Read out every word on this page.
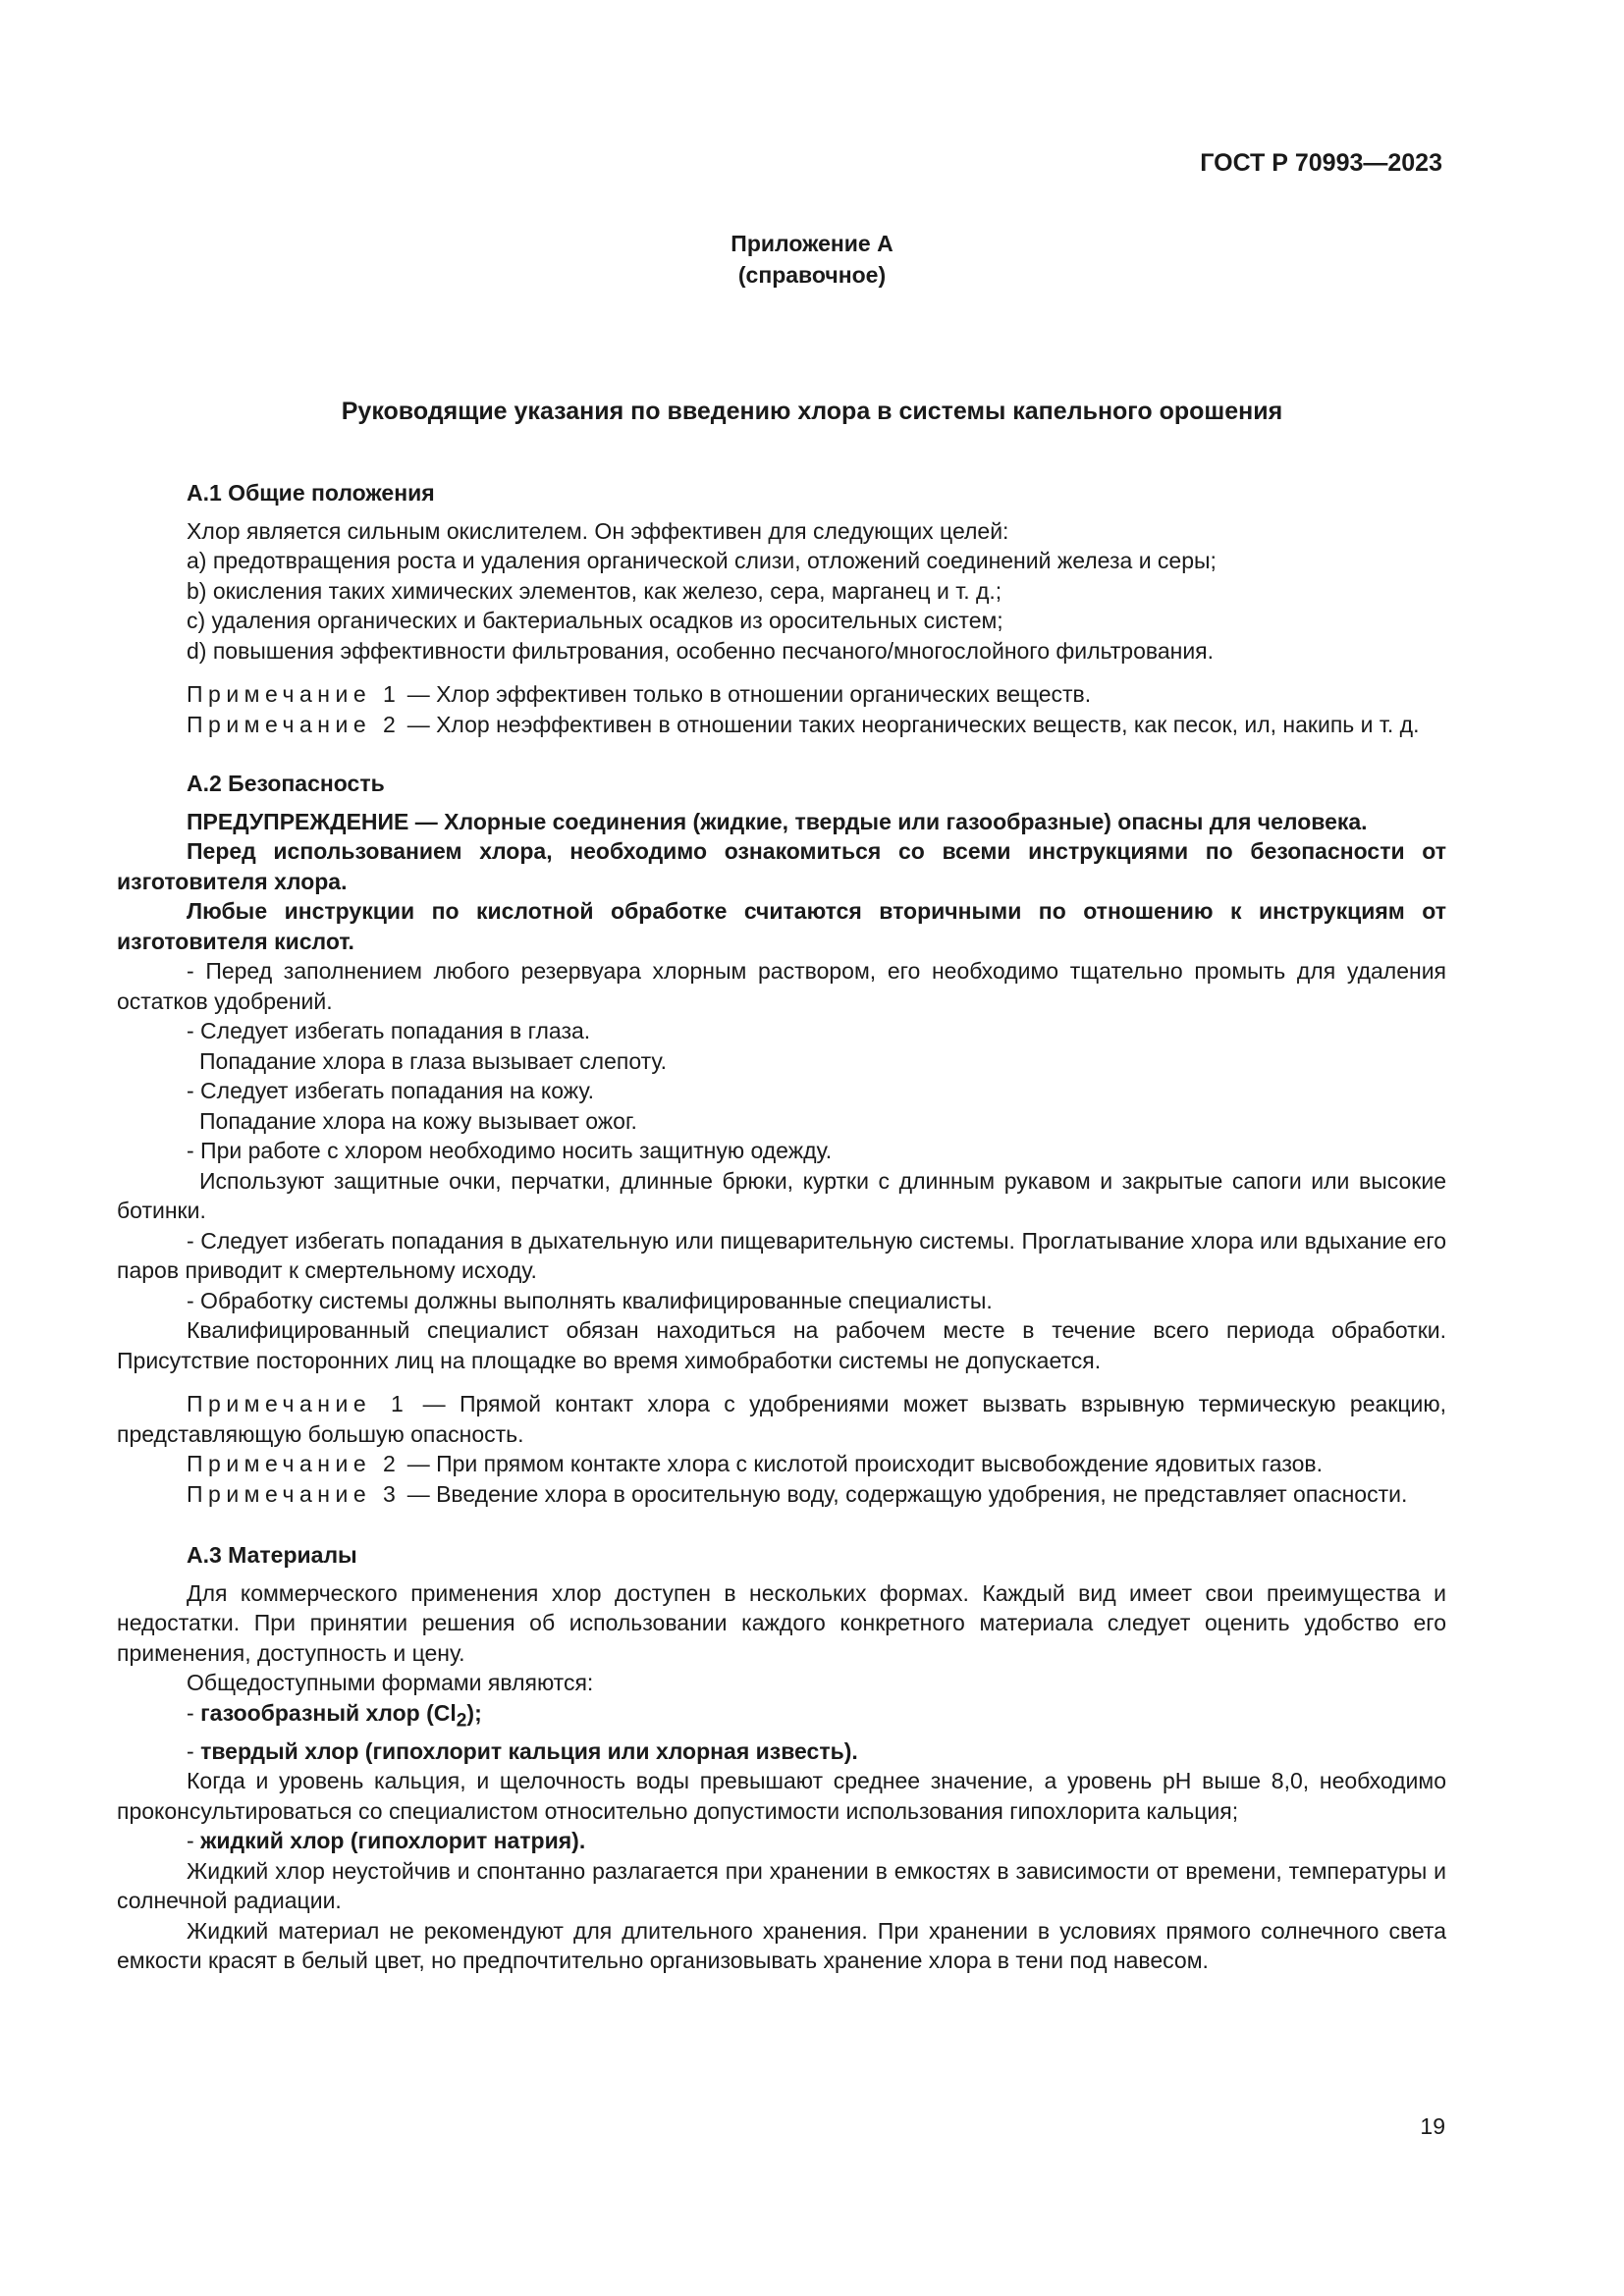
ГОСТ Р 70993—2023
Приложение А
(справочное)
Руководящие указания по введению хлора в системы капельного орошения

А.1 Общие положения

Хлор является сильным окислителем. Он эффективен для следующих целей:

a) предотвращения роста и удаления органической слизи, отложений соединений железа и серы;

b) окисления таких химических элементов, как железо, сера, марганец и т. д.;

c) удаления органических и бактериальных осадков из оросительных систем;

d) повышения эффективности фильтрования, особенно песчаного/многослойного фильтрования.

Примечание 1 — Хлор эффективен только в отношении органических веществ.

Примечание 2 — Хлор неэффективен в отношении таких неорганических веществ, как песок, ил, накипь и т. д.

А.2 Безопасность

ПРЕДУПРЕЖДЕНИЕ — Хлорные соединения (жидкие, твердые или газообразные) опасны для человека.

Перед использованием хлора, необходимо ознакомиться со всеми инструкциями по безопасности от изготовителя хлора.

Любые инструкции по кислотной обработке считаются вторичными по отношению к инструкциям от изготовителя кислот.

- Перед заполнением любого резервуара хлорным раствором, его необходимо тщательно промыть для удаления остатков удобрений.

- Следует избегать попадания в глаза.

Попадание хлора в глаза вызывает слепоту.

- Следует избегать попадания на кожу.

Попадание хлора на кожу вызывает ожог.

- При работе с хлором необходимо носить защитную одежду.

Используют защитные очки, перчатки, длинные брюки, куртки с длинным рукавом и закрытые сапоги или высокие ботинки.

- Следует избегать попадания в дыхательную или пищеварительную системы. Проглатывание хлора или вдыхание его паров приводит к смертельному исходу.

- Обработку системы должны выполнять квалифицированные специалисты.

Квалифицированный специалист обязан находиться на рабочем месте в течение всего периода обработки. Присутствие посторонних лиц на площадке во время химобработки системы не допускается.

Примечание 1 — Прямой контакт хлора с удобрениями может вызвать взрывную термическую реакцию, представляющую большую опасность.

Примечание 2 — При прямом контакте хлора с кислотой происходит высвобождение ядовитых газов.

Примечание 3 — Введение хлора в оросительную воду, содержащую удобрения, не представляет опасности.

А.3 Материалы

Для коммерческого применения хлор доступен в нескольких формах. Каждый вид имеет свои преимущества и недостатки. При принятии решения об использовании каждого конкретного материала следует оценить удобство его применения, доступность и цену.

Общедоступными формами являются:

- газообразный хлор $(Cl_2)$;

- твердый хлор (гипохлорит кальция или хлорная известь).

Когда и уровень кальция, и щелочность воды превышают среднее значение, а уровень pH выше 8,0, необходимо проконсультироваться со специалистом относительно допустимости использования гипохлорита кальция;

- жидкий хлор (гипохлорит натрия).

Жидкий хлор неустойчив и спонтанно разлагается при хранении в емкостях в зависимости от времени, температуры и солнечной радиации.

Жидкий материал не рекомендуют для длительного хранения. При хранении в условиях прямого солнечного света емкости красят в белый цвет, но предпочтительно организовывать хранение хлора в тени под навесом.

19
